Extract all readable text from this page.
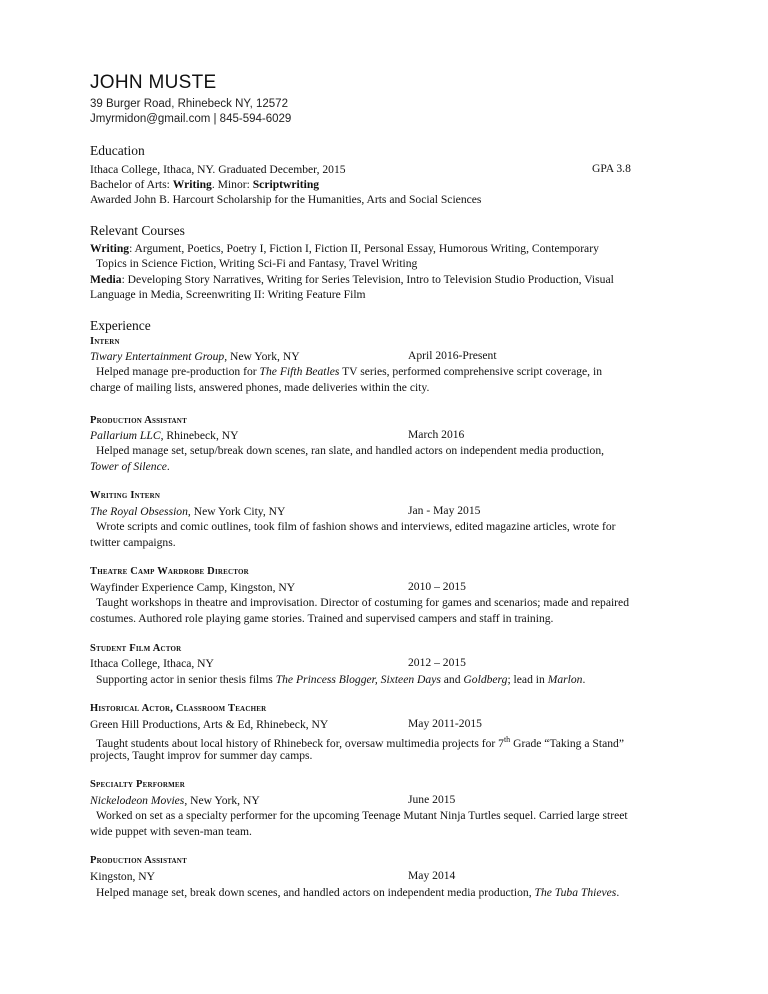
JOHN MUSTE
39 Burger Road, Rhinebeck NY, 12572
Jmyrmidon@gmail.com | 845-594-6029
Education
Ithaca College, Ithaca, NY. Graduated December, 2015	GPA 3.8
Bachelor of Arts: Writing. Minor: Scriptwriting
Awarded John B. Harcourt Scholarship for the Humanities, Arts and Social Sciences
Relevant Courses
Writing: Argument, Poetics, Poetry I, Fiction I, Fiction II, Personal Essay, Humorous Writing, Contemporary
Topics in Science Fiction, Writing Sci-Fi and Fantasy, Travel Writing
Media: Developing Story Narratives, Writing for Series Television, Intro to Television Studio Production, Visual
Language in Media, Screenwriting II: Writing Feature Film
Experience
Intern
Tiwary Entertainment Group, New York, NY	April 2016-Present
Helped manage pre-production for The Fifth Beatles TV series, performed comprehensive script coverage, in
charge of mailing lists, answered phones, made deliveries within the city.
Production Assistant
Pallarium LLC, Rhinebeck, NY	March 2016
Helped manage set, setup/break down scenes, ran slate, and handled actors on independent media production,
Tower of Silence.
Writing Intern
The Royal Obsession, New York City, NY	Jan - May 2015
Wrote scripts and comic outlines, took film of fashion shows and interviews, edited magazine articles, wrote for
twitter campaigns.
Theatre Camp Wardrobe Director
Wayfinder Experience Camp, Kingston, NY	2010 – 2015
Taught workshops in theatre and improvisation. Director of costuming for games and scenarios; made and repaired
costumes. Authored role playing game stories. Trained and supervised campers and staff in training.
Student Film Actor
Ithaca College, Ithaca, NY	2012 – 2015
Supporting actor in senior thesis films The Princess Blogger, Sixteen Days and Goldberg; lead in Marlon.
Historical Actor, Classroom Teacher
Green Hill Productions, Arts & Ed, Rhinebeck, NY	May 2011-2015
Taught students about local history of Rhinebeck for, oversaw multimedia projects for 7th Grade “Taking a Stand”
projects, Taught improv for summer day camps.
Specialty Performer
Nickelodeon Movies, New York, NY	June 2015
Worked on set as a specialty performer for the upcoming Teenage Mutant Ninja Turtles sequel. Carried large street
wide puppet with seven-man team.
Production Assistant
Kingston, NY	May 2014
Helped manage set, break down scenes, and handled actors on independent media production, The Tuba Thieves.
